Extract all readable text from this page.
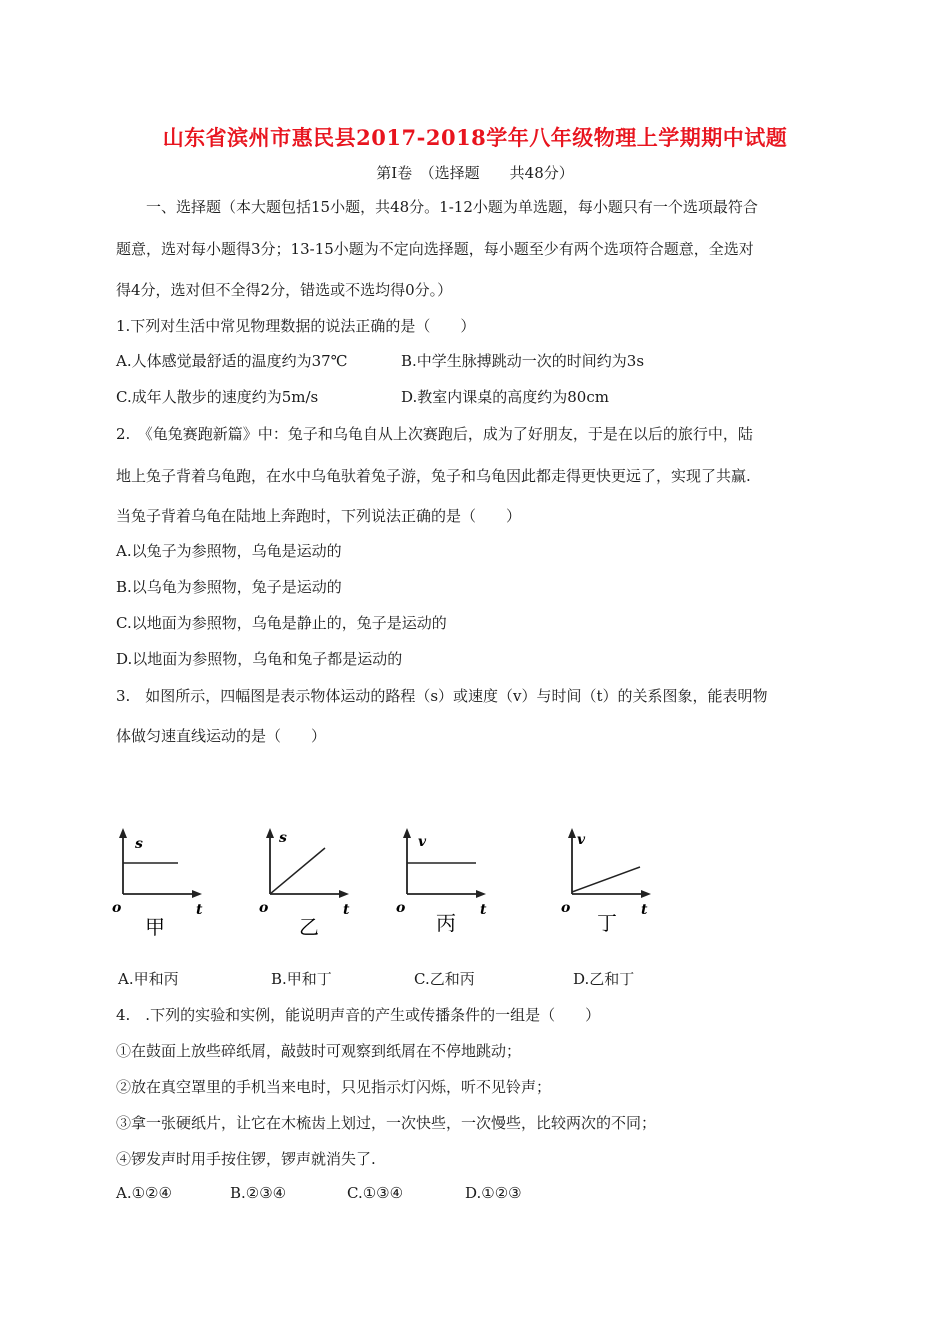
山东省滨州市惠民县2017-2018学年八年级物理上学期期中试题
第Ⅰ卷　（选择题　　共48分）
一、选择题（本大题包括15小题，共48分。1-12小题为单选题，每小题只有一个选项最符合
题意，选对每小题得3分；13-15小题为不定向选择题，每小题至少有两个选项符合题意，全选对
得4分，选对但不全得2分，错选或不选均得0分。）
1.下列对生活中常见物理数据的说法正确的是（　　）
A.人体感觉最舒适的温度约为37℃	B.中学生脉搏跳动一次的时间约为3s
C.成年人散步的速度约为5m/s	D.教室内课桌的高度约为80cm
2.　《龟兔赛跑新篇》中：兔子和乌龟自从上次赛跑后，成为了好朋友，于是在以后的旅行中，陆
地上兔子背着乌龟跑，在水中乌龟驮着兔子游，兔子和乌龟因此都走得更快更远了，实现了共赢.
当兔子背着乌龟在陆地上奔跑时，下列说法正确的是（　　）
A.以兔子为参照物，乌龟是运动的
B.以乌龟为参照物，兔子是运动的
C.以地面为参照物，乌龟是静止的，兔子是运动的
D.以地面为参照物，乌龟和兔子都是运动的
3.　如图所示，四幅图是表示物体运动的路程（s）或速度（v）与时间（t）的关系图象，能表明物
体做匀速直线运动的是（　　）
s
t
o
甲
s
t
o
乙
v
t
o
丙
v
t
o
丁
A.甲和丙	B.甲和丁	C.乙和丙	D.乙和丁
4.　.下列的实验和实例，能说明声音的产生或传播条件的一组是（　　）
①在鼓面上放些碎纸屑，敲鼓时可观察到纸屑在不停地跳动；
②放在真空罩里的手机当来电时，只见指示灯闪烁，听不见铃声；
③拿一张硬纸片，让它在木梳齿上划过，一次快些，一次慢些，比较两次的不同；
④锣发声时用手按住锣，锣声就消失了.
A.①②④	B.②③④	C.①③④	D.①②③
